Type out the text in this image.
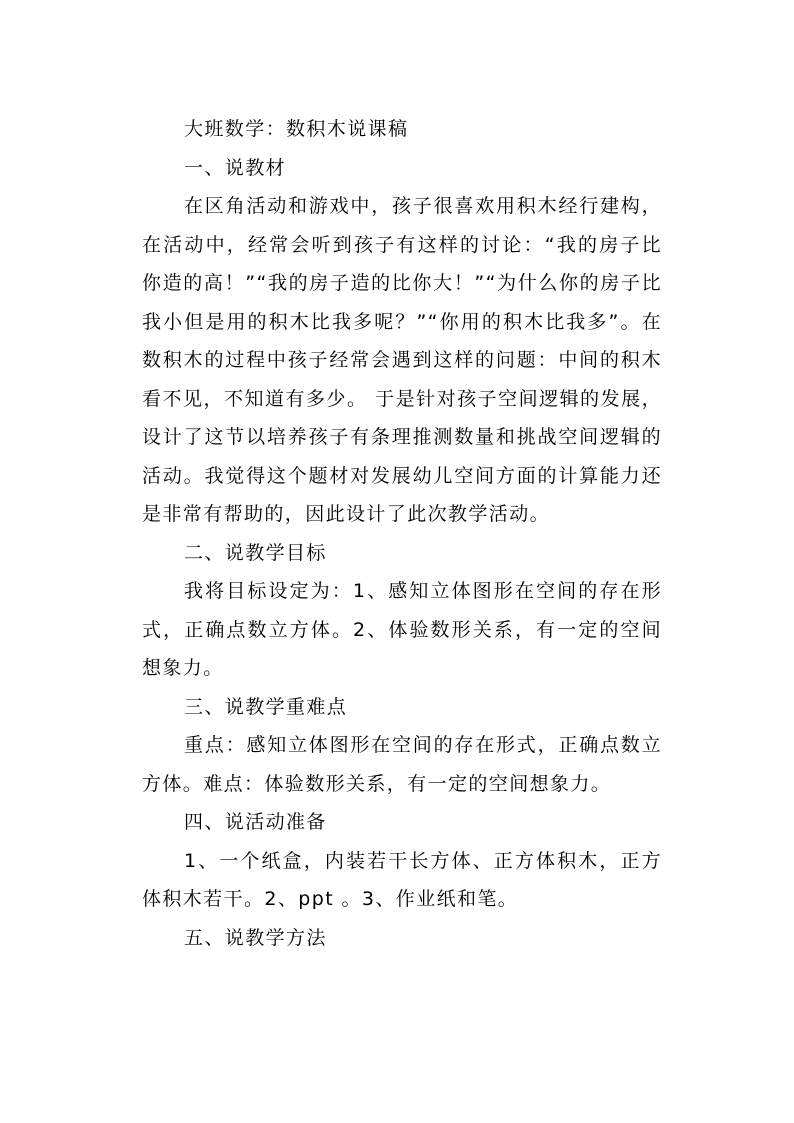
大班数学：数积木说课稿

一、说教材

在区角活动和游戏中，孩子很喜欢用积木经行建构，在活动中，经常会听到孩子有这样的讨论：“我的房子比你造的高！”“我的房子造的比你大！”“为什么你的房子比我小但是用的积木比我多呢？”“你用的积木比我多”。在数积木的过程中孩子经常会遇到这样的问题：中间的积木看不见，不知道有多少。 于是针对孩子空间逻辑的发展，设计了这节以培养孩子有条理推测数量和挑战空间逻辑的活动。我觉得这个题材对发展幼儿空间方面的计算能力还是非常有帮助的，因此设计了此次教学活动。

二、说教学目标

我将目标设定为：1、感知立体图形在空间的存在形式，正确点数立方体。2、体验数形关系，有一定的空间想象力。

三、说教学重难点

重点：感知立体图形在空间的存在形式，正确点数立方体。难点：体验数形关系，有一定的空间想象力。

四、说活动准备

1、一个纸盒，内装若干长方体、正方体积木，正方体积木若干。2、ppt 。3、作业纸和笔。

五、说教学方法
